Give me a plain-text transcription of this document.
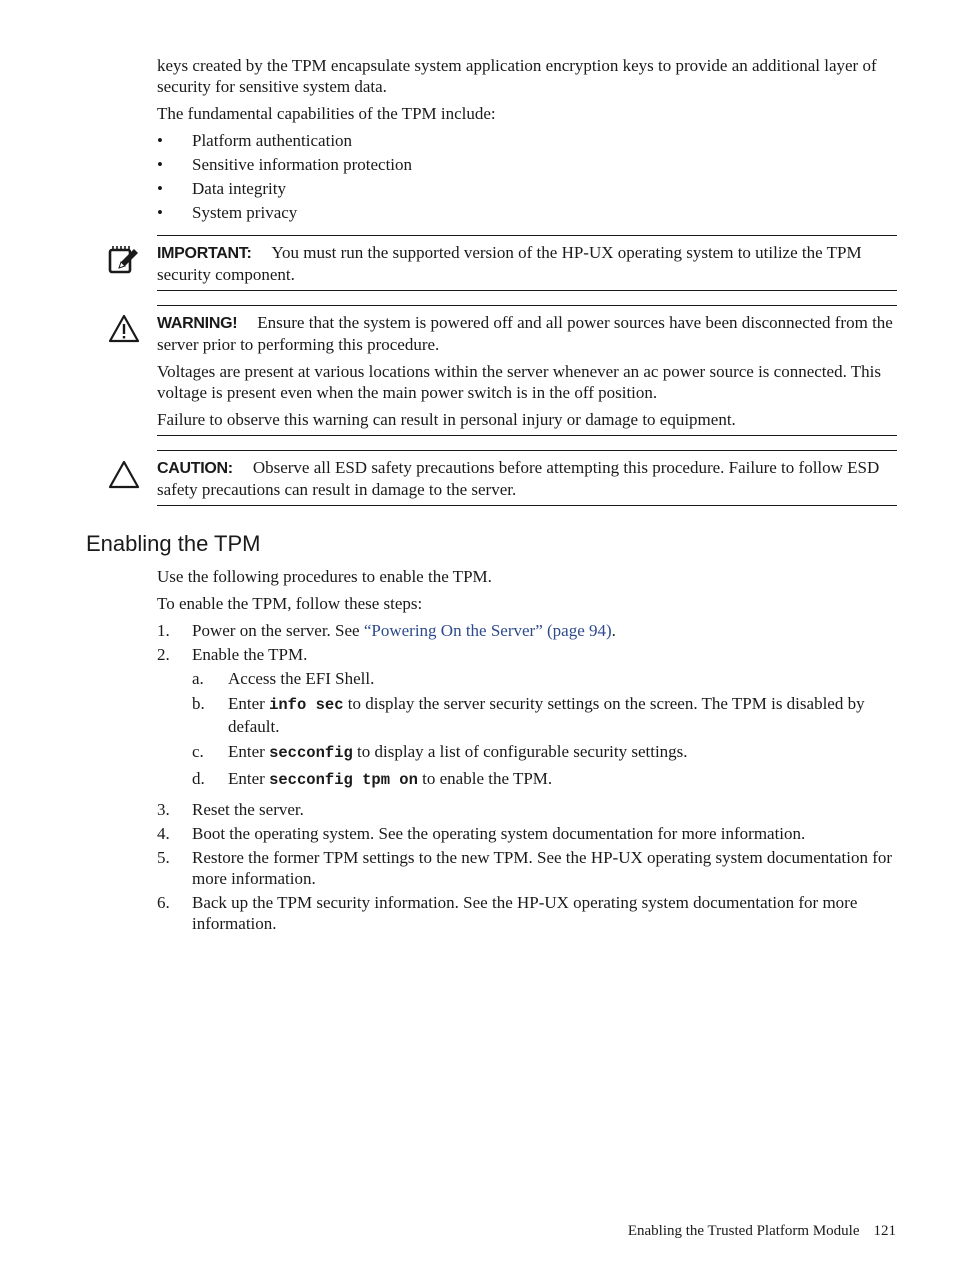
keys created by the TPM encapsulate system application encryption keys to provide an additional layer of security for sensitive system data.

The fundamental capabilities of the TPM include:

• Platform authentication
• Sensitive information protection
• Data integrity
• System privacy

IMPORTANT: You must run the supported version of the HP-UX operating system to utilize the TPM security component.

WARNING! Ensure that the system is powered off and all power sources have been disconnected from the server prior to performing this procedure.

Voltages are present at various locations within the server whenever an ac power source is connected. This voltage is present even when the main power switch is in the off position.

Failure to observe this warning can result in personal injury or damage to equipment.

CAUTION: Observe all ESD safety precautions before attempting this procedure. Failure to follow ESD safety precautions can result in damage to the server.

Enabling the TPM

Use the following procedures to enable the TPM.

To enable the TPM, follow these steps:

1. Power on the server. See “Powering On the Server” (page 94).
2. Enable the TPM.
a. Access the EFI Shell.
b. Enter info sec to display the server security settings on the screen. The TPM is disabled by default.
c. Enter secconfig to display a list of configurable security settings.
d. Enter secconfig tpm on to enable the TPM.
3. Reset the server.
4. Boot the operating system. See the operating system documentation for more information.
5. Restore the former TPM settings to the new TPM. See the HP-UX operating system documentation for more information.
6. Back up the TPM security information. See the HP-UX operating system documentation for more information.
Enabling the Trusted Platform Module 121
